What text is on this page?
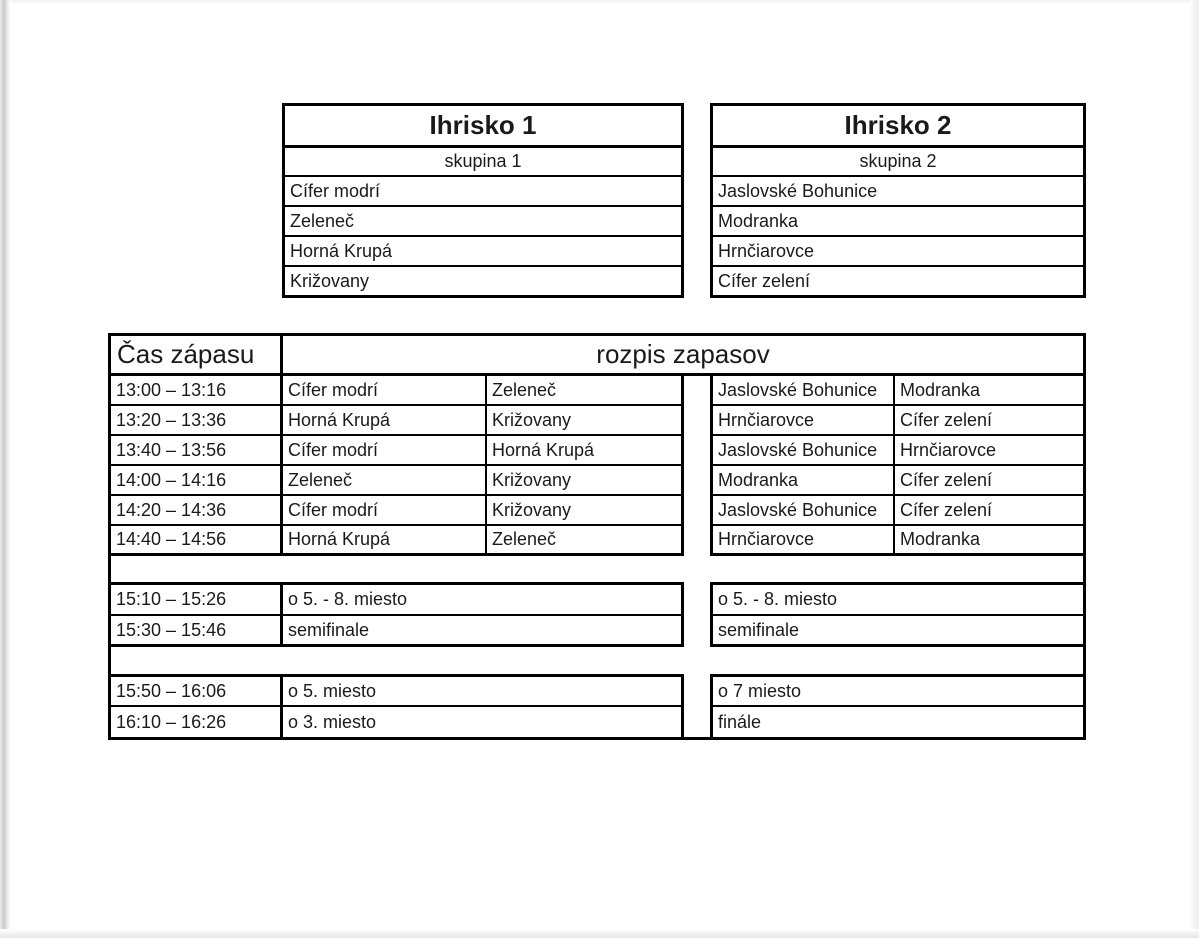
Ihrisko 1
skupina 1
Cífer modrí
Zeleneč
Horná Krupá
Križovany
Ihrisko 2
skupina 2
Jaslovské Bohunice
Modranka
Hrnčiarovce
Cífer zelení
Čas zápasu	rozpis zapasov
13:00 – 13:16	Cífer modrí	Zeleneč	Jaslovské Bohunice	Modranka
13:20 – 13:36	Horná Krupá	Križovany	Hrnčiarovce	Cífer zelení
13:40 – 13:56	Cífer modrí	Horná Krupá	Jaslovské Bohunice	Hrnčiarovce
14:00 – 14:16	Zeleneč	Križovany	Modranka	Cífer zelení
14:20 – 14:36	Cífer modrí	Križovany	Jaslovské Bohunice	Cífer zelení
14:40 – 14:56	Horná Krupá	Zeleneč	Hrnčiarovce	Modranka
15:10 – 15:26	o 5. - 8. miesto	o 5. - 8. miesto
15:30 – 15:46	semifinale	semifinale
15:50 – 16:06	o 5. miesto	o 7 miesto
16:10 – 16:26	o 3. miesto	finále
